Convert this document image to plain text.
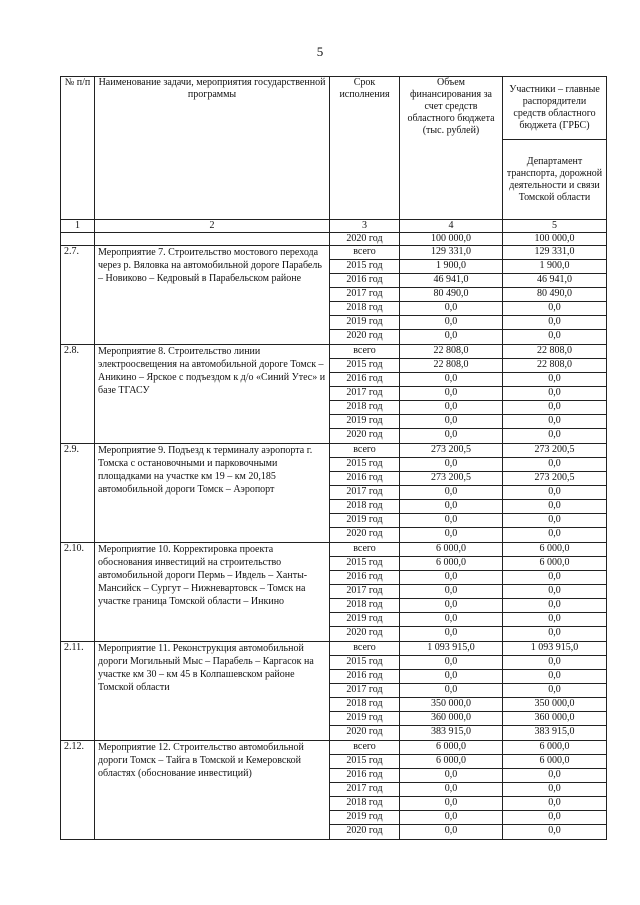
5
№ п/п	Наименование задачи, мероприятия государственной программы	Срок исполнения	Объем финансирования за счет средств областного бюджета (тыс. рублей)	Участники – главные распорядители средств областного бюджета (ГРБС)
				Департамент транспорта, дорожной деятельности и связи Томской области
1	2	3	4	5
		2020 год	100 000,0	100 000,0
2.7.	Мероприятие 7. Строительство мостового перехода через р. Вяловка на автомобильной дороге Парабель – Новиково – Кедровый в Парабельском районе	всего	129 331,0	129 331,0
		2015 год	1 900,0	1 900,0
		2016 год	46 941,0	46 941,0
		2017 год	80 490,0	80 490,0
		2018 год	0,0	0,0
		2019 год	0,0	0,0
		2020 год	0,0	0,0
2.8.	Мероприятие 8. Строительство линии электроосвещения на автомобильной дороге Томск – Аникино – Ярское с подъездом к д/о «Синий Утес» и базе ТГАСУ	всего	22 808,0	22 808,0
		2015 год	22 808,0	22 808,0
		2016 год	0,0	0,0
		2017 год	0,0	0,0
		2018 год	0,0	0,0
		2019 год	0,0	0,0
		2020 год	0,0	0,0
2.9.	Мероприятие 9. Подъезд к терминалу аэропорта г. Томска с остановочными и парковочными площадками на участке км 19 – км 20,185 автомобильной дороги Томск – Аэропорт	всего	273 200,5	273 200,5
		2015 год	0,0	0,0
		2016 год	273 200,5	273 200,5
		2017 год	0,0	0,0
		2018 год	0,0	0,0
		2019 год	0,0	0,0
		2020 год	0,0	0,0
2.10.	Мероприятие 10. Корректировка проекта обоснования инвестиций на строительство автомобильной дороги Пермь – Ивдель – Ханты-Мансийск – Сургут – Нижневартовск – Томск на участке граница Томской области – Инкино	всего	6 000,0	6 000,0
		2015 год	6 000,0	6 000,0
		2016 год	0,0	0,0
		2017 год	0,0	0,0
		2018 год	0,0	0,0
		2019 год	0,0	0,0
		2020 год	0,0	0,0
2.11.	Мероприятие 11. Реконструкция автомобильной дороги Могильный Мыс – Парабель – Каргасок на участке км 30 – км 45 в Колпашевском районе Томской области	всего	1 093 915,0	1 093 915,0
		2015 год	0,0	0,0
		2016 год	0,0	0,0
		2017 год	0,0	0,0
		2018 год	350 000,0	350 000,0
		2019 год	360 000,0	360 000,0
		2020 год	383 915,0	383 915,0
2.12.	Мероприятие 12. Строительство автомобильной дороги Томск – Тайга в Томской и Кемеровской областях (обоснование инвестиций)	всего	6 000,0	6 000,0
		2015 год	6 000,0	6 000,0
		2016 год	0,0	0,0
		2017 год	0,0	0,0
		2018 год	0,0	0,0
		2019 год	0,0	0,0
		2020 год	0,0	0,0
